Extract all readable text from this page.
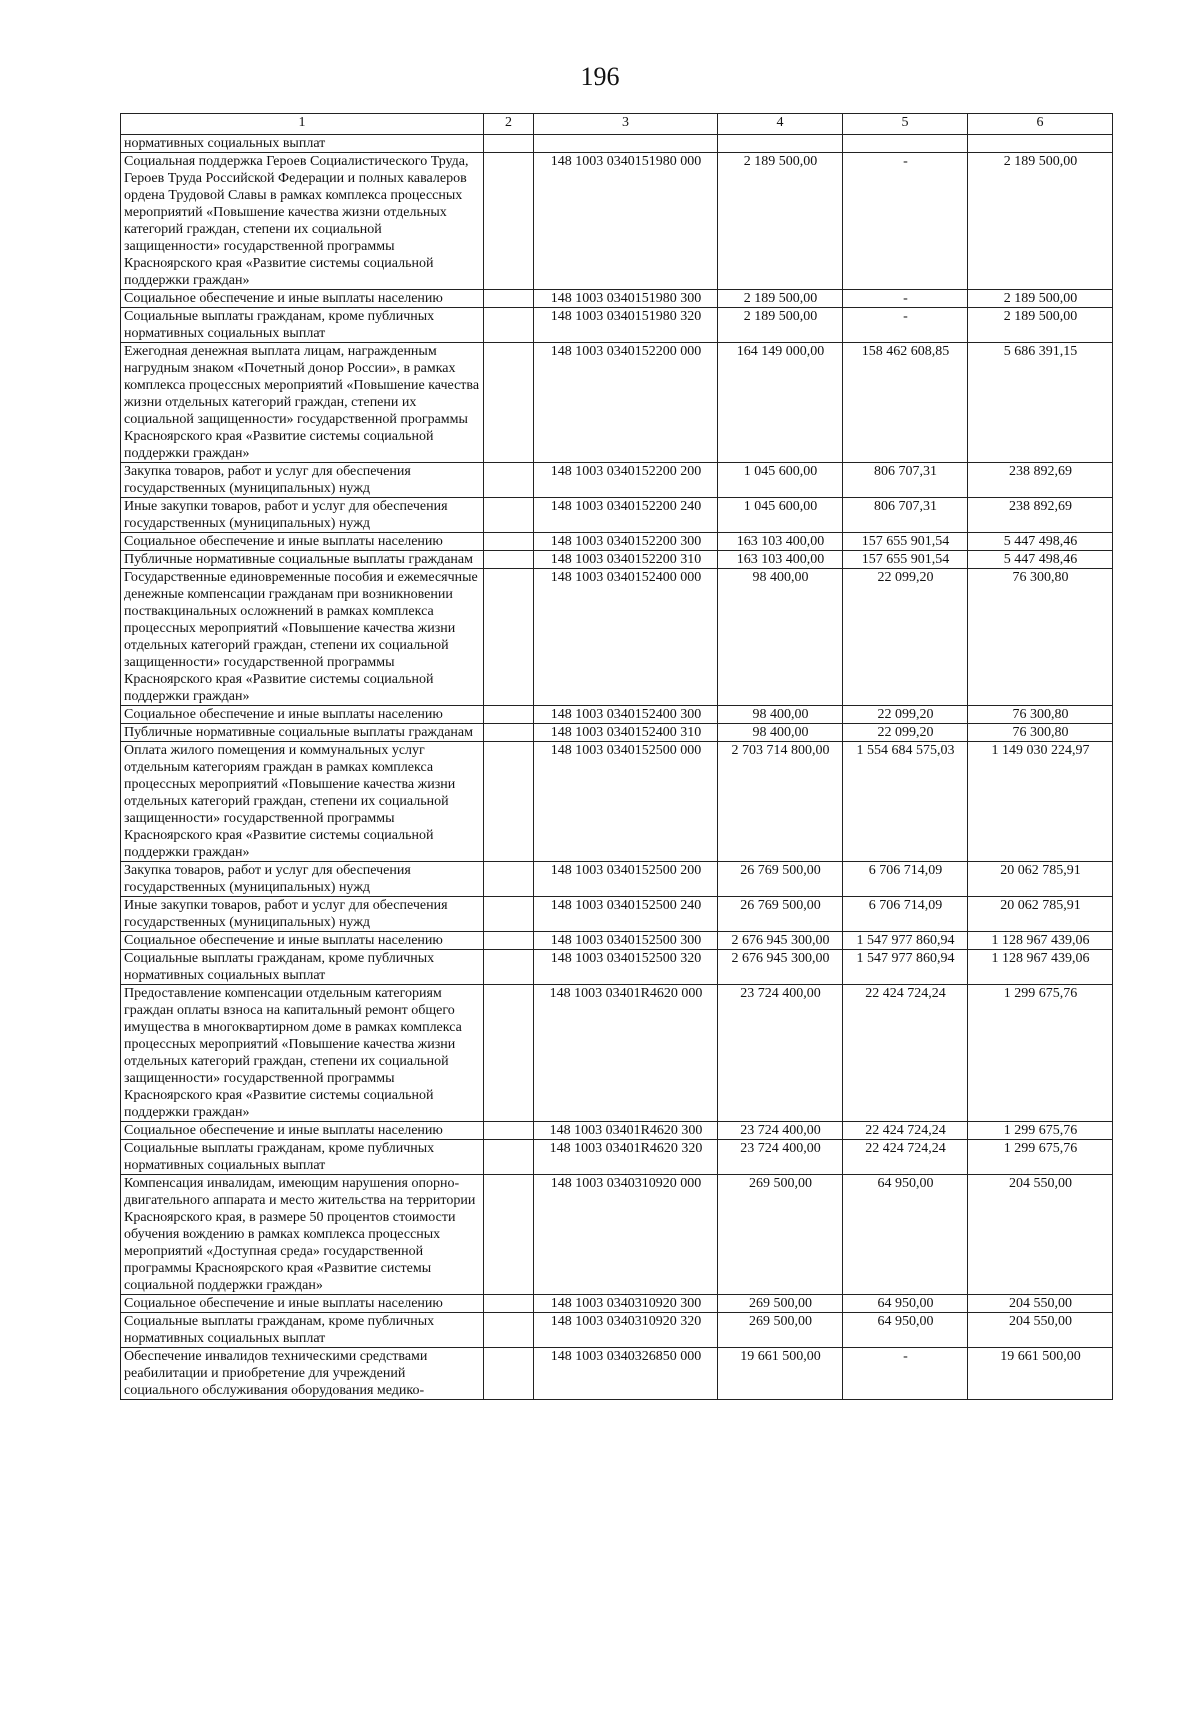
196
1	2	3	4	5	6
нормативных социальных выплат					
Социальная поддержка Героев Социалистического Труда, Героев Труда Российской Федерации и полных кавалеров ордена Трудовой Славы в рамках комплекса процессных мероприятий «Повышение качества жизни отдельных категорий граждан, степени их социальной защищенности» государственной программы Красноярского края «Развитие системы социальной поддержки граждан»		148 1003 0340151980 000	2 189 500,00	-	2 189 500,00
Социальное обеспечение и иные выплаты населению		148 1003 0340151980 300	2 189 500,00	-	2 189 500,00
Социальные выплаты гражданам, кроме публичных нормативных социальных выплат		148 1003 0340151980 320	2 189 500,00	-	2 189 500,00
Ежегодная денежная выплата лицам, награжденным нагрудным знаком «Почетный донор России», в рамках комплекса процессных мероприятий «Повышение качества жизни отдельных категорий граждан, степени их социальной защищенности» государственной программы Красноярского края «Развитие системы социальной поддержки граждан»		148 1003 0340152200 000	164 149 000,00	158 462 608,85	5 686 391,15
Закупка товаров, работ и услуг для обеспечения государственных (муниципальных) нужд		148 1003 0340152200 200	1 045 600,00	806 707,31	238 892,69
Иные закупки товаров, работ и услуг для обеспечения государственных (муниципальных) нужд		148 1003 0340152200 240	1 045 600,00	806 707,31	238 892,69
Социальное обеспечение и иные выплаты населению		148 1003 0340152200 300	163 103 400,00	157 655 901,54	5 447 498,46
Публичные нормативные социальные выплаты гражданам		148 1003 0340152200 310	163 103 400,00	157 655 901,54	5 447 498,46
Государственные единовременные пособия и ежемесячные денежные компенсации гражданам при возникновении поствакцинальных осложнений в рамках комплекса процессных мероприятий «Повышение качества жизни отдельных категорий граждан, степени их социальной защищенности» государственной программы Красноярского края «Развитие системы социальной поддержки граждан»		148 1003 0340152400 000	98 400,00	22 099,20	76 300,80
Социальное обеспечение и иные выплаты населению		148 1003 0340152400 300	98 400,00	22 099,20	76 300,80
Публичные нормативные социальные выплаты гражданам		148 1003 0340152400 310	98 400,00	22 099,20	76 300,80
Оплата жилого помещения и коммунальных услуг отдельным категориям граждан в рамках комплекса процессных мероприятий «Повышение качества жизни отдельных категорий граждан, степени их социальной защищенности» государственной программы Красноярского края «Развитие системы социальной поддержки граждан»		148 1003 0340152500 000	2 703 714 800,00	1 554 684 575,03	1 149 030 224,97
Закупка товаров, работ и услуг для обеспечения государственных (муниципальных) нужд		148 1003 0340152500 200	26 769 500,00	6 706 714,09	20 062 785,91
Иные закупки товаров, работ и услуг для обеспечения государственных (муниципальных) нужд		148 1003 0340152500 240	26 769 500,00	6 706 714,09	20 062 785,91
Социальное обеспечение и иные выплаты населению		148 1003 0340152500 300	2 676 945 300,00	1 547 977 860,94	1 128 967 439,06
Социальные выплаты гражданам, кроме публичных нормативных социальных выплат		148 1003 0340152500 320	2 676 945 300,00	1 547 977 860,94	1 128 967 439,06
Предоставление компенсации отдельным категориям граждан оплаты взноса на капитальный ремонт общего имущества в многоквартирном доме в рамках комплекса процессных мероприятий «Повышение качества жизни отдельных категорий граждан, степени их социальной защищенности» государственной программы Красноярского края «Развитие системы социальной поддержки граждан»		148 1003 03401R4620 000	23 724 400,00	22 424 724,24	1 299 675,76
Социальное обеспечение и иные выплаты населению		148 1003 03401R4620 300	23 724 400,00	22 424 724,24	1 299 675,76
Социальные выплаты гражданам, кроме публичных нормативных социальных выплат		148 1003 03401R4620 320	23 724 400,00	22 424 724,24	1 299 675,76
Компенсация инвалидам, имеющим нарушения опорно-двигательного аппарата и место жительства на территории Красноярского края, в размере 50 процентов стоимости обучения вождению в рамках комплекса процессных мероприятий «Доступная среда» государственной программы Красноярского края «Развитие системы социальной поддержки граждан»		148 1003 0340310920 000	269 500,00	64 950,00	204 550,00
Социальное обеспечение и иные выплаты населению		148 1003 0340310920 300	269 500,00	64 950,00	204 550,00
Социальные выплаты гражданам, кроме публичных нормативных социальных выплат		148 1003 0340310920 320	269 500,00	64 950,00	204 550,00
Обеспечение инвалидов техническими средствами реабилитации и приобретение для учреждений социального обслуживания оборудования медико-		148 1003 0340326850 000	19 661 500,00	-	19 661 500,00
